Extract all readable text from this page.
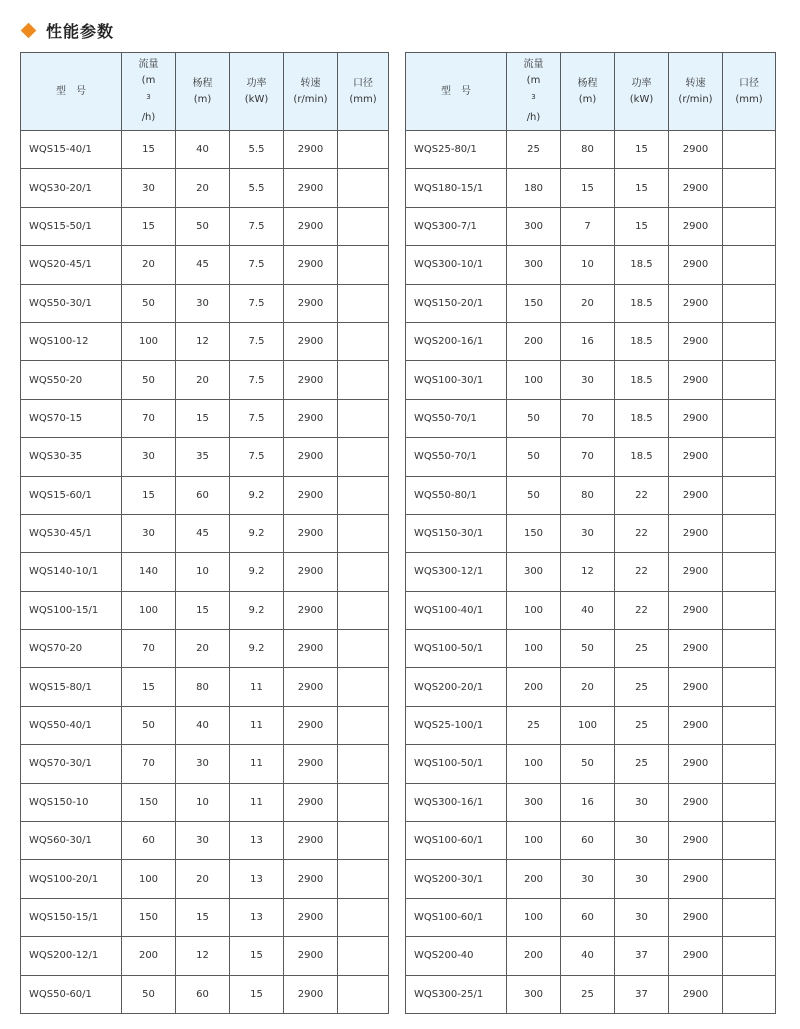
性能参数
型　号	流量
(m
$^3$
/h)	杨程
(m)	功率
(kW)	转速
(r/min)	口径
(mm)

WQS15-40/1	15	40	5.5	2900	
WQS30-20/1	30	20	5.5	2900	
WQS15-50/1	15	50	7.5	2900	
WQS20-45/1	20	45	7.5	2900	
WQS50-30/1	50	30	7.5	2900	
WQS100-12	100	12	7.5	2900	
WQS50-20	50	20	7.5	2900	
WQS70-15	70	15	7.5	2900	
WQS30-35	30	35	7.5	2900	
WQS15-60/1	15	60	9.2	2900	
WQS30-45/1	30	45	9.2	2900	
WQS140-10/1	140	10	9.2	2900	
WQS100-15/1	100	15	9.2	2900	
WQS70-20	70	20	9.2	2900	
WQS15-80/1	15	80	11	2900	
WQS50-40/1	50	40	11	2900	
WQS70-30/1	70	30	11	2900	
WQS150-10	150	10	11	2900	
WQS60-30/1	60	30	13	2900	
WQS100-20/1	100	20	13	2900	
WQS150-15/1	150	15	13	2900	
WQS200-12/1	200	12	15	2900	
WQS50-60/1	50	60	15	2900	
型　号	流量
(m
$^3$
/h)	杨程
(m)	功率
(kW)	转速
(r/min)	口径
(mm)

WQS25-80/1	25	80	15	2900	
WQS180-15/1	180	15	15	2900	
WQS300-7/1	300	7	15	2900	
WQS300-10/1	300	10	18.5	2900	
WQS150-20/1	150	20	18.5	2900	
WQS200-16/1	200	16	18.5	2900	
WQS100-30/1	100	30	18.5	2900	
WQS50-70/1	50	70	18.5	2900	
WQS50-70/1	50	70	18.5	2900	
WQS50-80/1	50	80	22	2900	
WQS150-30/1	150	30	22	2900	
WQS300-12/1	300	12	22	2900	
WQS100-40/1	100	40	22	2900	
WQS100-50/1	100	50	25	2900	
WQS200-20/1	200	20	25	2900	
WQS25-100/1	25	100	25	2900	
WQS100-50/1	100	50	25	2900	
WQS300-16/1	300	16	30	2900	
WQS100-60/1	100	60	30	2900	
WQS200-30/1	200	30	30	2900	
WQS100-60/1	100	60	30	2900	
WQS200-40	200	40	37	2900	
WQS300-25/1	300	25	37	2900	
